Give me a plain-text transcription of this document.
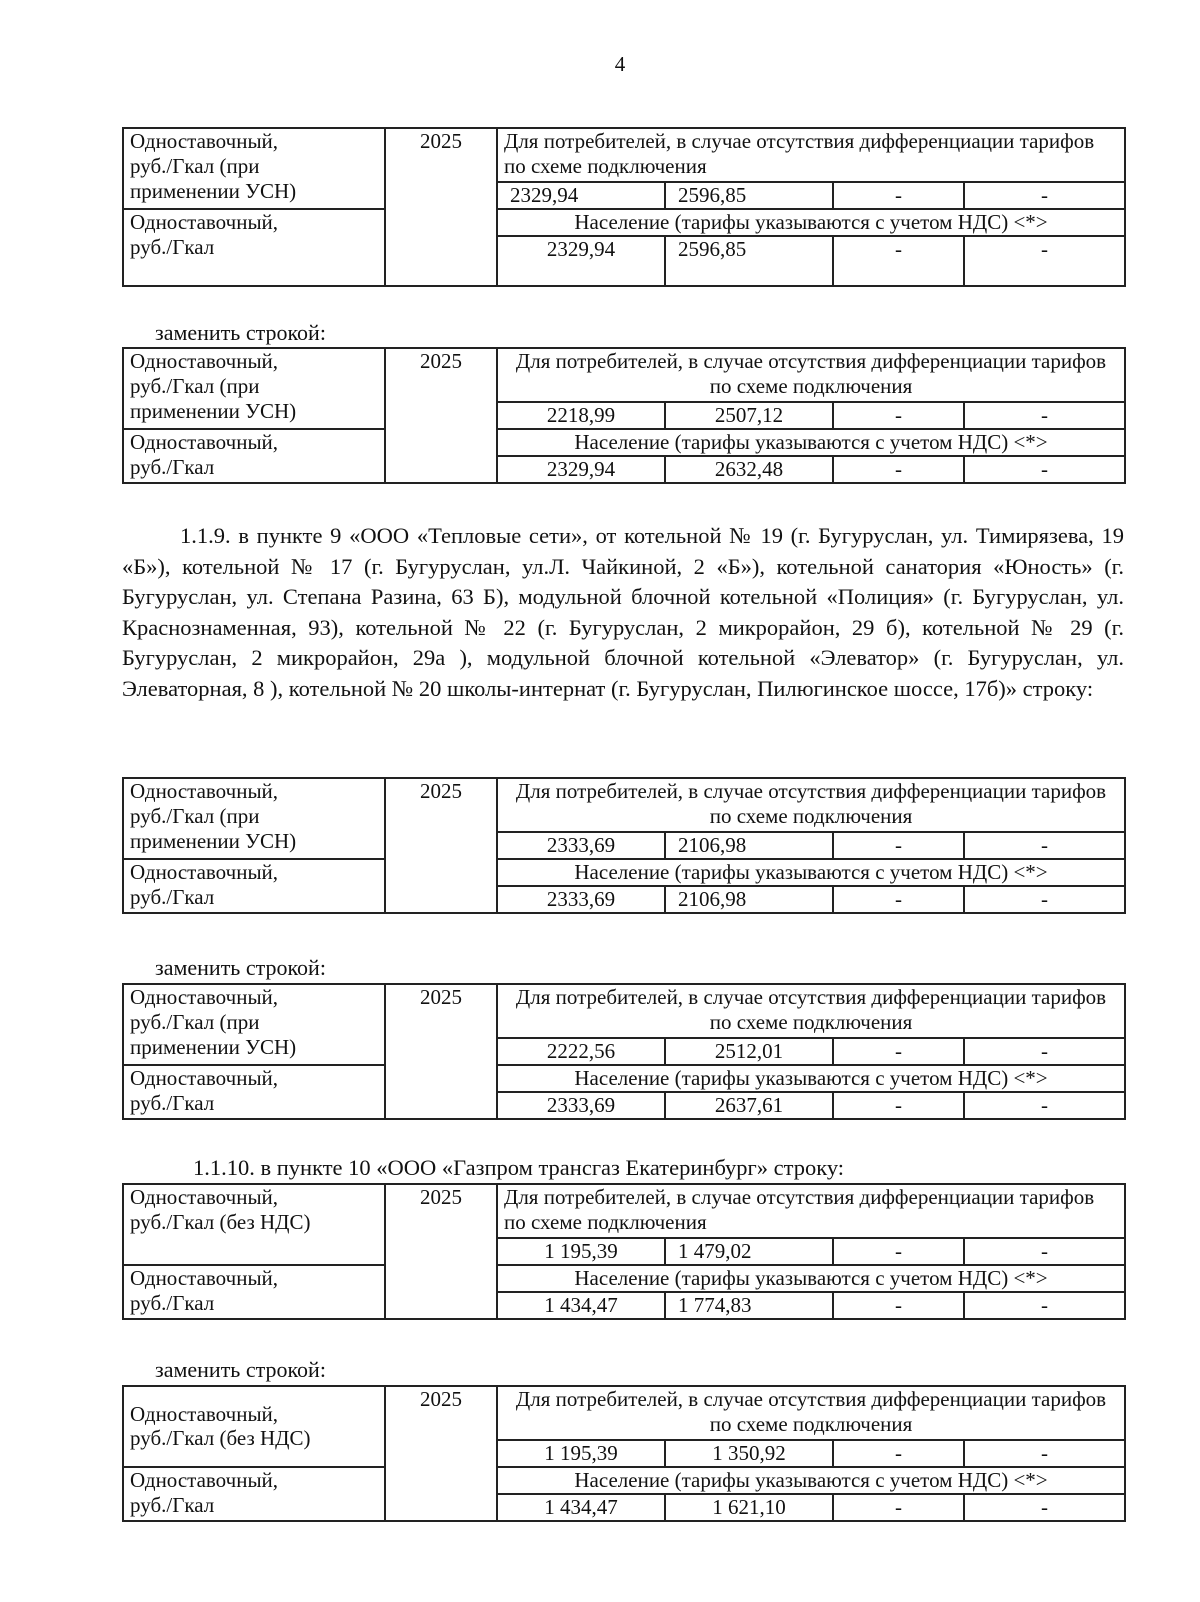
4
Одноставочный,
руб./Гкал (при
применении УСН)	2025	Для потребителей, в случае отсутствия дифференциации тарифов по схеме подключения			
		2329,94	2596,85	-	-
Одноставочный,
руб./Гкал		Население (тарифы указываются с учетом НДС) <*>			
		2329,94	2596,85	-	-
заменить строкой:
Одноставочный,
руб./Гкал (при
применении УСН)	2025	Для потребителей, в случае отсутствия дифференциации тарифов по схеме подключения			
		2218,99	2507,12	-	-
Одноставочный,
руб./Гкал		Население (тарифы указываются с учетом НДС) <*>			
		2329,94	2632,48	-	-
1.1.9. в пункте 9 «ООО «Тепловые сети», от котельной № 19 (г. Бугуруслан, ул. Тимирязева, 19 «Б»), котельной № 17 (г. Бугуруслан, ул.Л. Чайкиной, 2 «Б»), котельной санатория «Юность» (г. Бугуруслан, ул. Степана Разина, 63 Б), модульной блочной котельной «Полиция» (г. Бугуруслан, ул. Краснознаменная, 93), котельной № 22 (г. Бугуруслан, 2 микрорайон, 29 б), котельной № 29 (г. Бугуруслан, 2 микрорайон, 29а ), модульной блочной котельной «Элеватор» (г. Бугуруслан, ул. Элеваторная, 8 ), котельной № 20 школы-интернат (г. Бугуруслан, Пилюгинское шоссе, 17б)» строку:
Одноставочный,
руб./Гкал (при
применении УСН)	2025	Для потребителей, в случае отсутствия дифференциации тарифов по схеме подключения			
		2333,69	2106,98	-	-
Одноставочный,
руб./Гкал		Население (тарифы указываются с учетом НДС) <*>			
		2333,69	2106,98	-	-
заменить строкой:
Одноставочный,
руб./Гкал (при
применении УСН)	2025	Для потребителей, в случае отсутствия дифференциации тарифов по схеме подключения			
		2222,56	2512,01	-	-
Одноставочный,
руб./Гкал		Население (тарифы указываются с учетом НДС) <*>			
		2333,69	2637,61	-	-
1.1.10. в пункте 10 «ООО «Газпром трансгаз Екатеринбург» строку:
Одноставочный,
руб./Гкал (без НДС)	2025	Для потребителей, в случае отсутствия дифференциации тарифов по схеме подключения			
		1 195,39	1 479,02	-	-
Одноставочный,
руб./Гкал		Население (тарифы указываются с учетом НДС) <*>			
		1 434,47	1 774,83	-	-
заменить строкой:
Одноставочный,
руб./Гкал (без НДС)	2025	Для потребителей, в случае отсутствия дифференциации тарифов по схеме подключения			
		1 195,39	1 350,92	-	-
Одноставочный,
руб./Гкал		Население (тарифы указываются с учетом НДС) <*>			
		1 434,47	1 621,10	-	-
